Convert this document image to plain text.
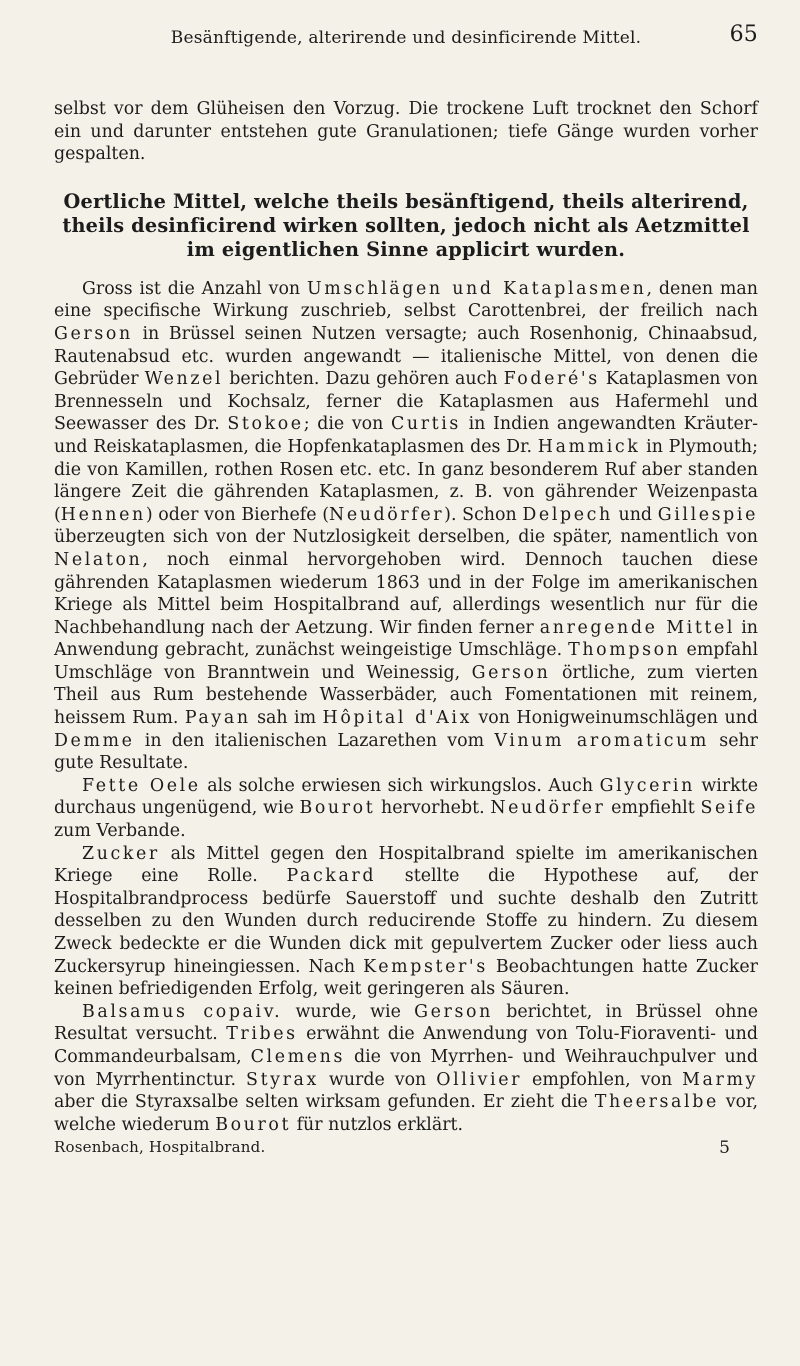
Besänftigende, alterirende und desinficirende Mittel.	65

selbst vor dem Glüheisen den Vorzug. Die trockene Luft trocknet den Schorf ein und darunter entstehen gute Granulationen; tiefe Gänge wurden vorher gespalten.

Oertliche Mittel, welche theils besänftigend, theils alterirend, theils desinficirend wirken sollten, jedoch nicht als Aetzmittel im eigentlichen Sinne applicirt wurden.

Gross ist die Anzahl von Umschlägen und Kataplasmen, denen man eine specifische Wirkung zuschrieb, selbst Carottenbrei, der freilich nach Gerson in Brüssel seinen Nutzen versagte; auch Rosenhonig, Chinaabsud, Rautenabsud etc. wurden angewandt — italienische Mittel, von denen die Gebrüder Wenzel berichten. Dazu gehören auch Foderé's Kataplasmen von Brennesseln und Kochsalz, ferner die Kataplasmen aus Hafermehl und Seewasser des Dr. Stokoe; die von Curtis in Indien angewandten Kräuter- und Reiskataplasmen, die Hopfenkataplasmen des Dr. Hammick in Plymouth; die von Kamillen, rothen Rosen etc. etc. In ganz besonderem Ruf aber standen längere Zeit die gährenden Kataplasmen, z. B. von gährender Weizenpasta (Hennen) oder von Bierhefe (Neudörfer). Schon Delpech und Gillespie überzeugten sich von der Nutzlosigkeit derselben, die später, namentlich von Nelaton, noch einmal hervorgehoben wird. Dennoch tauchen diese gährenden Kataplasmen wiederum 1863 und in der Folge im amerikanischen Kriege als Mittel beim Hospitalbrand auf, allerdings wesentlich nur für die Nachbehandlung nach der Aetzung. Wir finden ferner anregende Mittel in Anwendung gebracht, zunächst weingeistige Umschläge. Thompson empfahl Umschläge von Branntwein und Weinessig, Gerson örtliche, zum vierten Theil aus Rum bestehende Wasserbäder, auch Fomentationen mit reinem, heissem Rum. Payan sah im Hôpital d'Aix von Honigweinumschlägen und Demme in den italienischen Lazarethen vom Vinum aromaticum sehr gute Resultate.

Fette Oele als solche erwiesen sich wirkungslos. Auch Glycerin wirkte durchaus ungenügend, wie Bourot hervorhebt. Neudörfer empfiehlt Seife zum Verbande.

Zucker als Mittel gegen den Hospitalbrand spielte im amerikanischen Kriege eine Rolle. Packard stellte die Hypothese auf, der Hospitalbrandprocess bedürfe Sauerstoff und suchte deshalb den Zutritt desselben zu den Wunden durch reducirende Stoffe zu hindern. Zu diesem Zweck bedeckte er die Wunden dick mit gepulvertem Zucker oder liess auch Zuckersyrup hineingiessen. Nach Kempster's Beobachtungen hatte Zucker keinen befriedigenden Erfolg, weit geringeren als Säuren.

Balsamus copaiv. wurde, wie Gerson berichtet, in Brüssel ohne Resultat versucht. Tribes erwähnt die Anwendung von Tolu-Fioraventi- und Commandeurbalsam, Clemens die von Myrrhen- und Weihrauchpulver und von Myrrhentinctur. Styrax wurde von Ollivier empfohlen, von Marmy aber die Styraxsalbe selten wirksam gefunden. Er zieht die Theersalbe vor, welche wiederum Bourot für nutzlos erklärt.

Rosenbach, Hospitalbrand.	5
